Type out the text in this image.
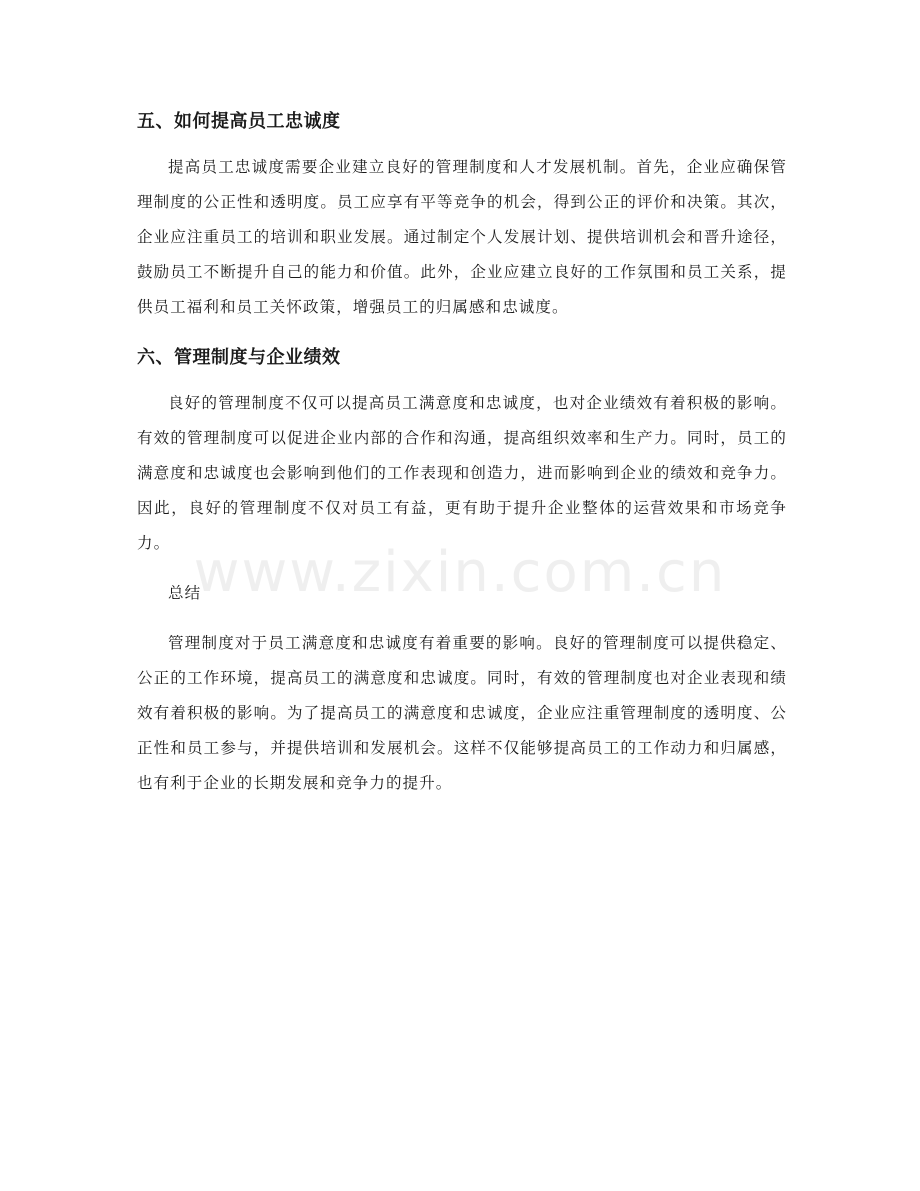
五、如何提高员工忠诚度

提高员工忠诚度需要企业建立良好的管理制度和人才发展机制。首先，企业应确保管理制度的公正性和透明度。员工应享有平等竞争的机会，得到公正的评价和决策。其次，企业应注重员工的培训和职业发展。通过制定个人发展计划、提供培训机会和晋升途径，鼓励员工不断提升自己的能力和价值。此外，企业应建立良好的工作氛围和员工关系，提供员工福利和员工关怀政策，增强员工的归属感和忠诚度。

六、管理制度与企业绩效

良好的管理制度不仅可以提高员工满意度和忠诚度，也对企业绩效有着积极的影响。有效的管理制度可以促进企业内部的合作和沟通，提高组织效率和生产力。同时，员工的满意度和忠诚度也会影响到他们的工作表现和创造力，进而影响到企业的绩效和竞争力。因此，良好的管理制度不仅对员工有益，更有助于提升企业整体的运营效果和市场竞争力。

总结

管理制度对于员工满意度和忠诚度有着重要的影响。良好的管理制度可以提供稳定、公正的工作环境，提高员工的满意度和忠诚度。同时，有效的管理制度也对企业表现和绩效有着积极的影响。为了提高员工的满意度和忠诚度，企业应注重管理制度的透明度、公正性和员工参与，并提供培训和发展机会。这样不仅能够提高员工的工作动力和归属感，也有利于企业的长期发展和竞争力的提升。

www.zixin.com.cn
